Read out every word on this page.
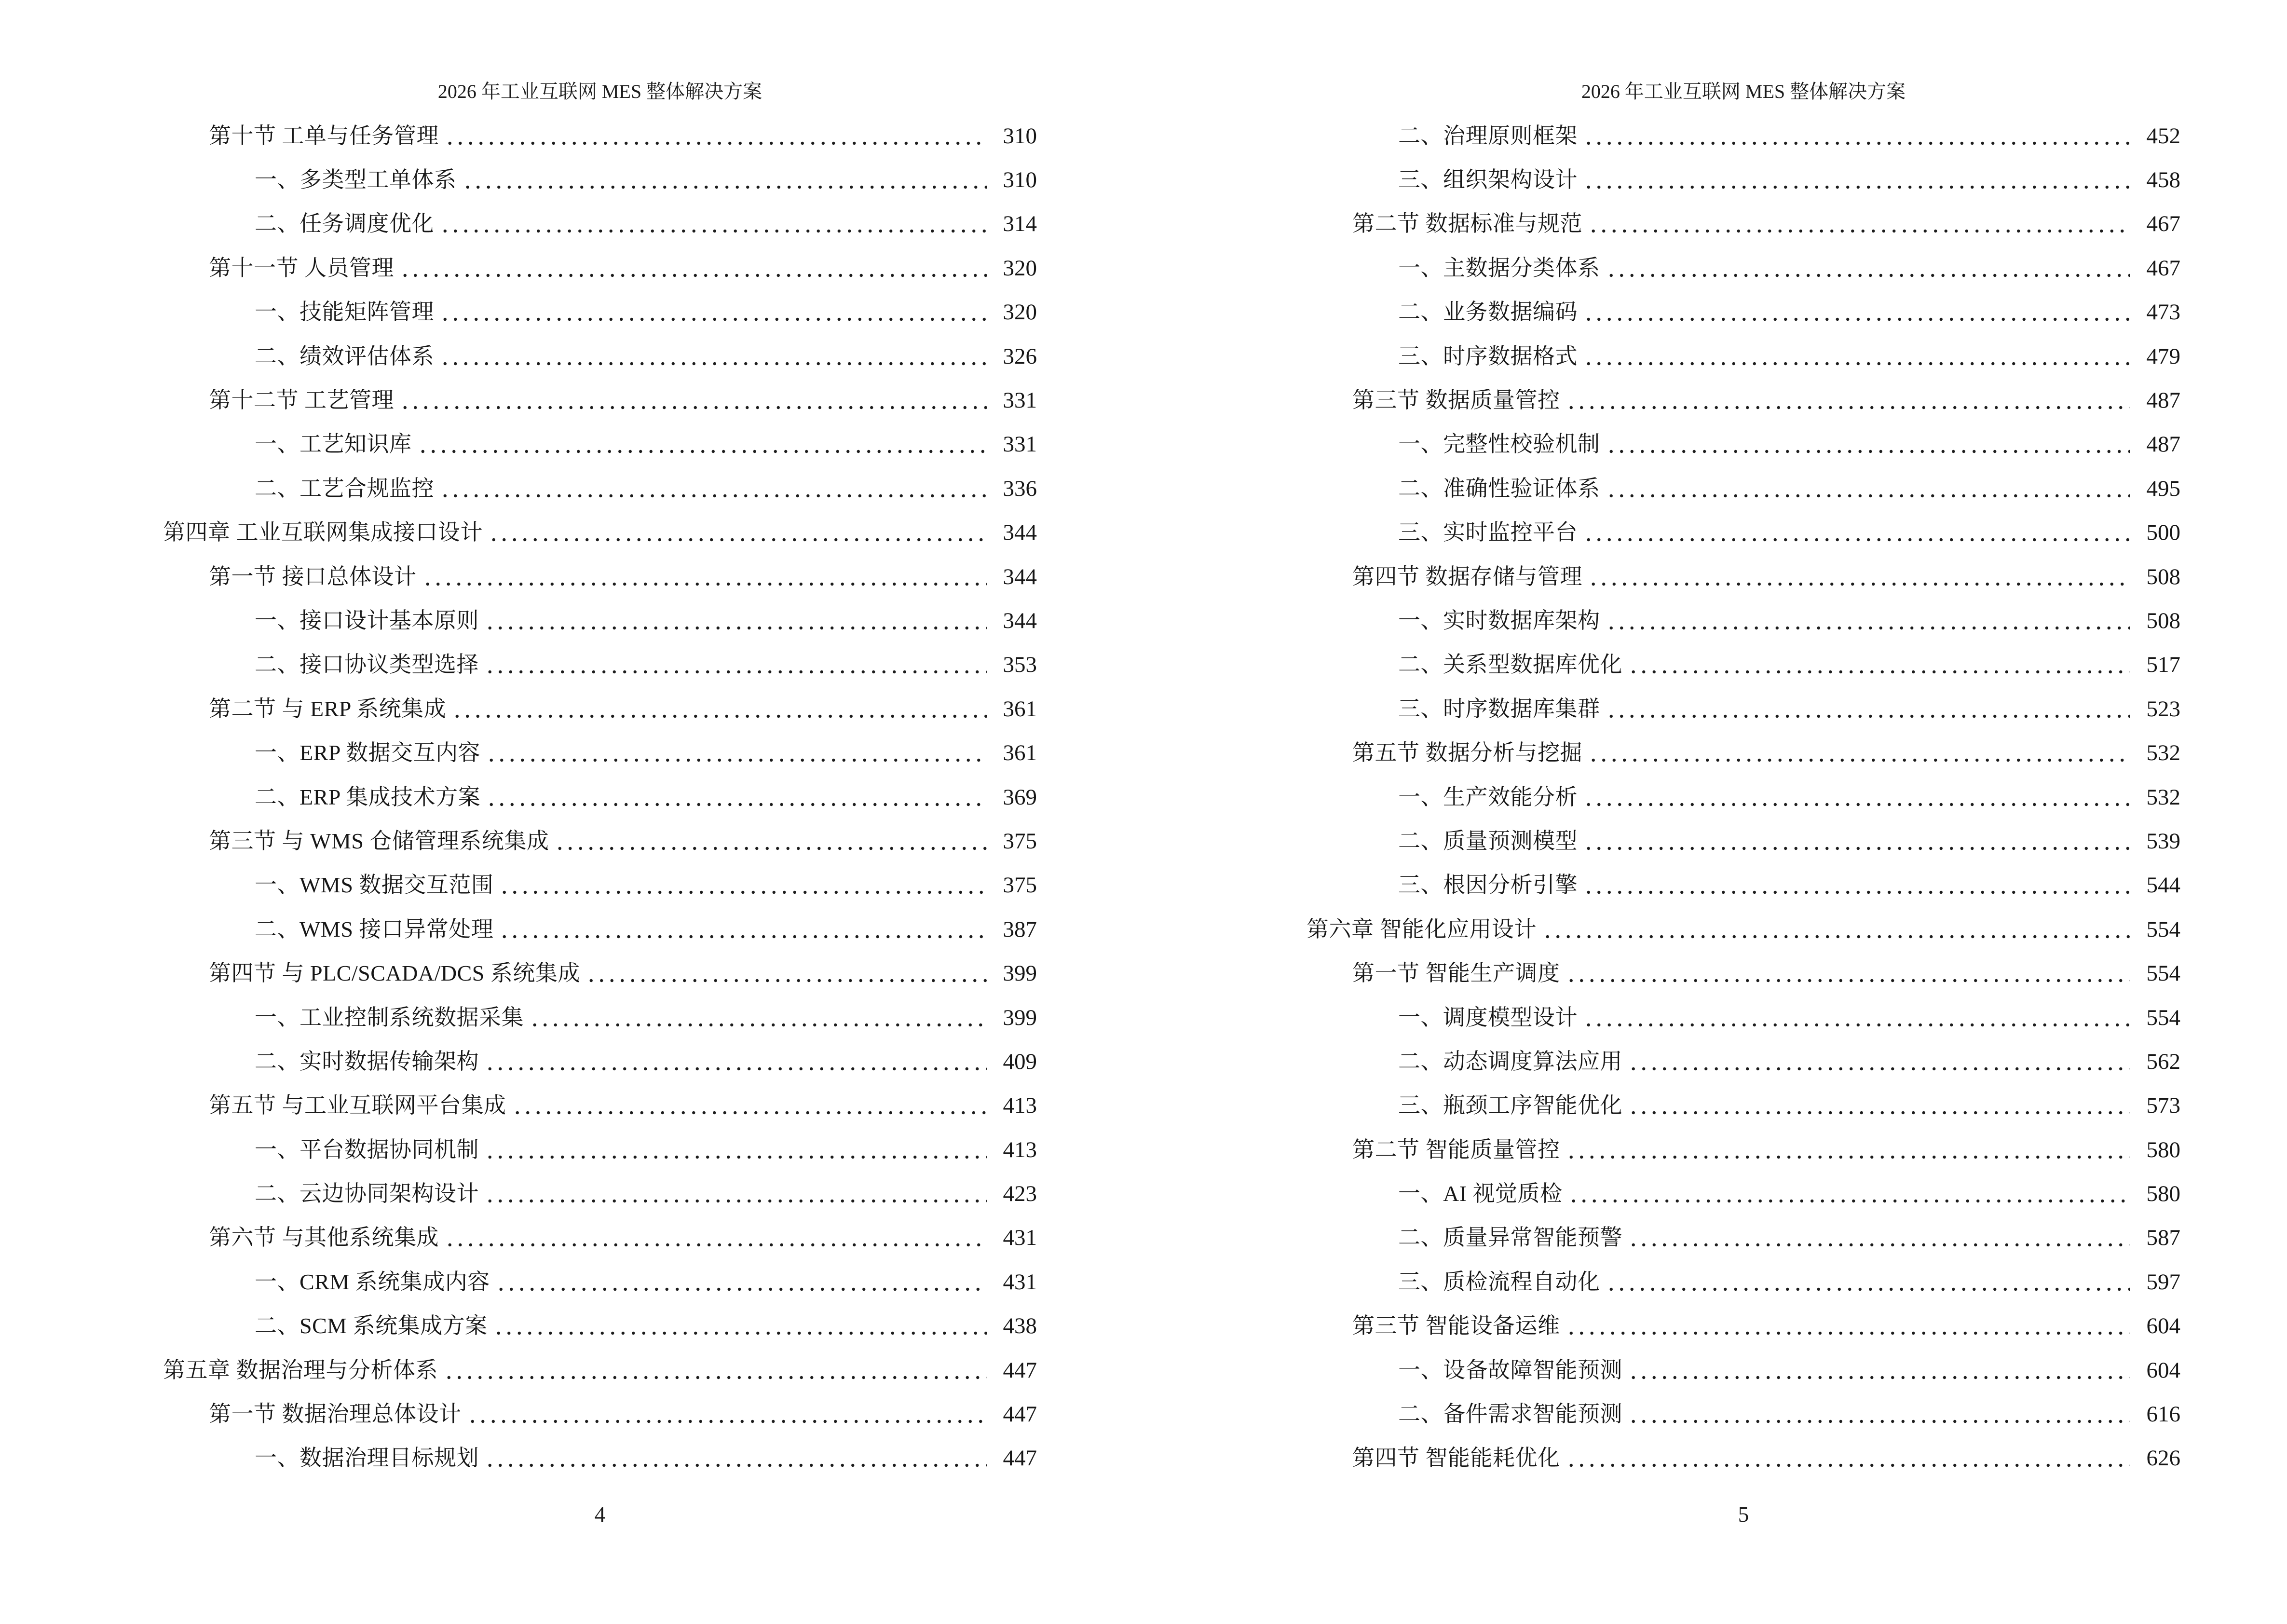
2026 年工业互联网 MES 整体解决方案
第十节 工单与任务管理	310
一、多类型工单体系	310
二、任务调度优化	314
第十一节 人员管理	320
一、技能矩阵管理	320
二、绩效评估体系	326
第十二节 工艺管理	331
一、工艺知识库	331
二、工艺合规监控	336
第四章 工业互联网集成接口设计	344
第一节 接口总体设计	344
一、接口设计基本原则	344
二、接口协议类型选择	353
第二节 与 ERP 系统集成	361
一、ERP 数据交互内容	361
二、ERP 集成技术方案	369
第三节 与 WMS 仓储管理系统集成	375
一、WMS 数据交互范围	375
二、WMS 接口异常处理	387
第四节 与 PLC/SCADA/DCS 系统集成	399
一、工业控制系统数据采集	399
二、实时数据传输架构	409
第五节 与工业互联网平台集成	413
一、平台数据协同机制	413
二、云边协同架构设计	423
第六节 与其他系统集成	431
一、CRM 系统集成内容	431
二、SCM 系统集成方案	438
第五章 数据治理与分析体系	447
第一节 数据治理总体设计	447
一、数据治理目标规划	447
4
2026 年工业互联网 MES 整体解决方案
二、治理原则框架	452
三、组织架构设计	458
第二节 数据标准与规范	467
一、主数据分类体系	467
二、业务数据编码	473
三、时序数据格式	479
第三节 数据质量管控	487
一、完整性校验机制	487
二、准确性验证体系	495
三、实时监控平台	500
第四节 数据存储与管理	508
一、实时数据库架构	508
二、关系型数据库优化	517
三、时序数据库集群	523
第五节 数据分析与挖掘	532
一、生产效能分析	532
二、质量预测模型	539
三、根因分析引擎	544
第六章 智能化应用设计	554
第一节 智能生产调度	554
一、调度模型设计	554
二、动态调度算法应用	562
三、瓶颈工序智能优化	573
第二节 智能质量管控	580
一、AI 视觉质检	580
二、质量异常智能预警	587
三、质检流程自动化	597
第三节 智能设备运维	604
一、设备故障智能预测	604
二、备件需求智能预测	616
第四节 智能能耗优化	626
5
